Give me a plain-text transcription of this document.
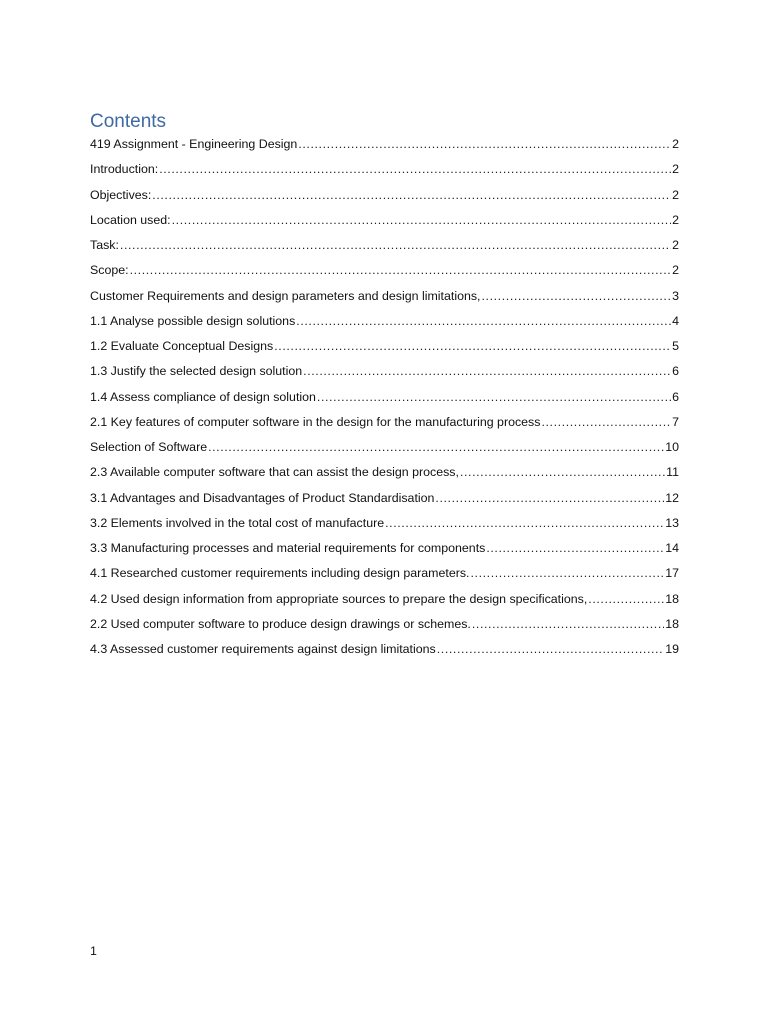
Contents
419 Assignment - Engineering Design .....	2
Introduction: .....	2
Objectives: .....	2
Location used: .....	2
Task: .....	2
Scope: .....	2
Customer Requirements and design parameters and design limitations, .....	3
1.1 Analyse possible design solutions .....	4
1.2 Evaluate Conceptual Designs .....	5
1.3 Justify the selected design solution .....	6
1.4 Assess compliance of design solution .....	6
2.1 Key features of computer software in the design for the manufacturing process .....	7
Selection of Software .....	10
2.3 Available computer software that can assist the design process, .....	11
3.1 Advantages and Disadvantages of Product Standardisation .....	12
3.2 Elements involved in the total cost of manufacture .....	13
3.3 Manufacturing processes and material requirements for components .....	14
4.1 Researched customer requirements including design parameters. .....	17
4.2 Used design information from appropriate sources to prepare the design specifications, .....	18
2.2 Used computer software to produce design drawings or schemes. .....	18
4.3 Assessed customer requirements against design limitations .....	19
1
